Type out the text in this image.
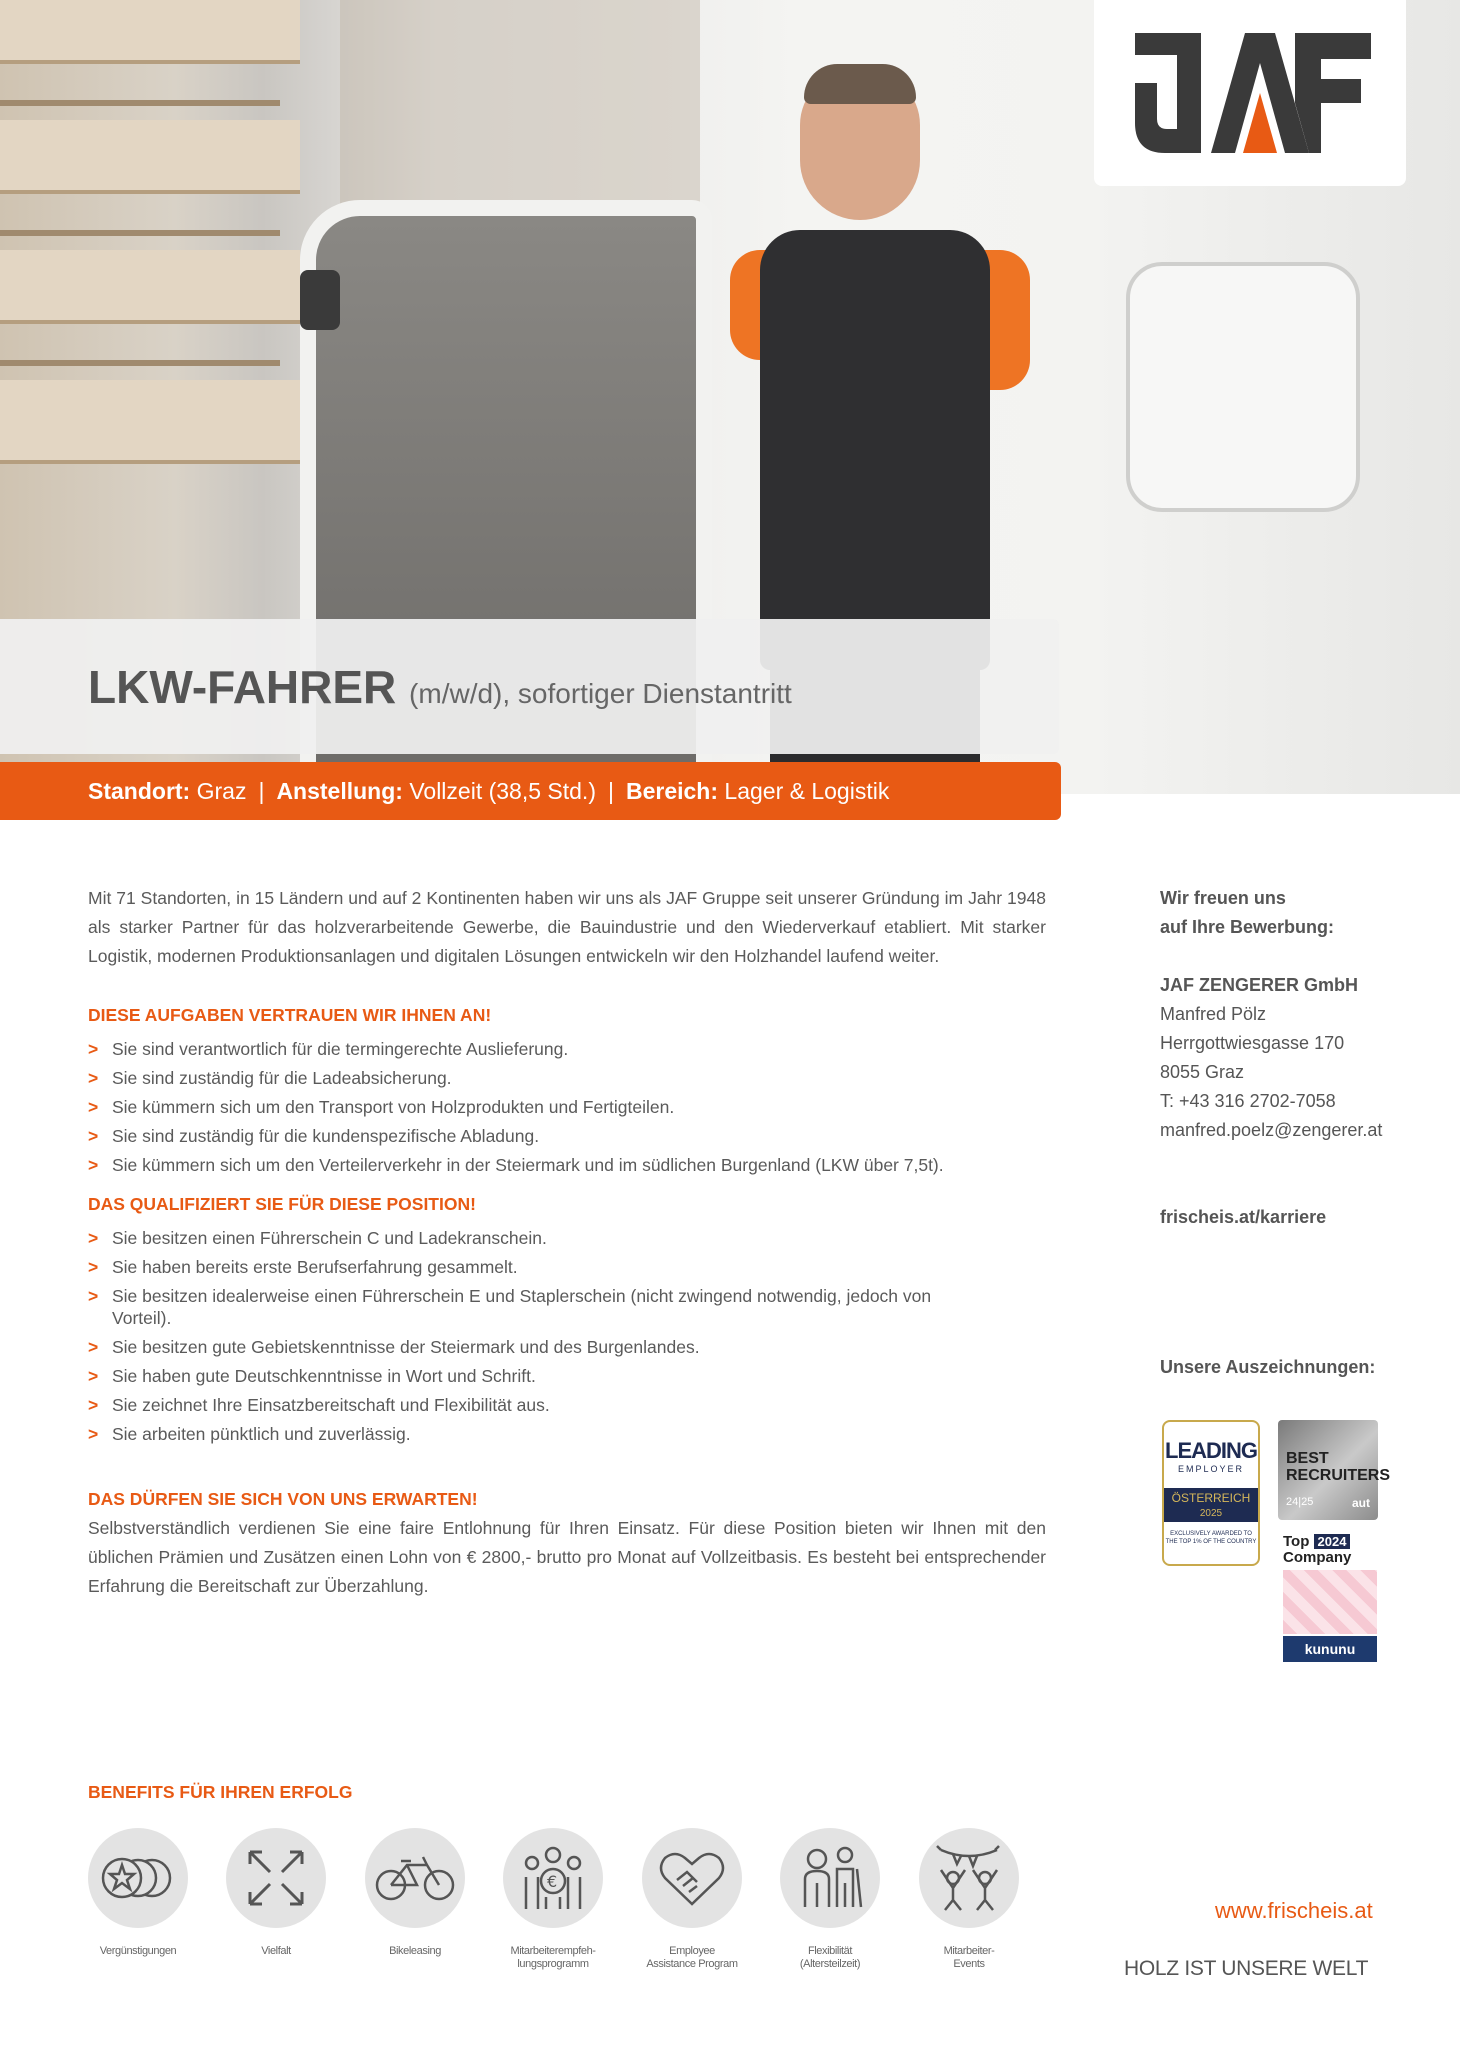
LKW-FAHRER (m/w/d), sofortiger Dienstantritt
Standort:
Graz | Anstellung:
Vollzeit (38,5 Std.) | Bereich:
Lager & Logistik

Mit 71 Standorten, in 15 Ländern und auf 2 Kontinenten haben wir uns als JAF Gruppe seit unserer Gründung im Jahr 1948 als starker Partner für das holzverarbeitende Gewerbe, die Bauindustrie und den Wiederverkauf etabliert. Mit starker Logistik, modernen Produktionsanlagen und digitalen Lösungen entwickeln wir den Holzhandel laufend weiter.

DIESE AUFGABEN VERTRAUEN WIR IHNEN AN!
> Sie sind verantwortlich für die termingerechte Auslieferung.
> Sie sind zuständig für die Ladeabsicherung.
> Sie kümmern sich um den Transport von Holzprodukten und Fertigteilen.
> Sie sind zuständig für die kundenspezifische Abladung.
> Sie kümmern sich um den Verteilerverkehr in der Steiermark und im südlichen Burgenland (LKW über 7,5t).
DAS QUALIFIZIERT SIE FÜR DIESE POSITION!
> Sie besitzen einen Führerschein C und Ladekranschein.
> Sie haben bereits erste Berufserfahrung gesammelt.
> Sie besitzen idealerweise einen Führerschein E und Staplerschein (nicht zwingend notwendig, jedoch von Vorteil).
> Sie besitzen gute Gebietskenntnisse der Steiermark und des Burgenlandes.
> Sie haben gute Deutschkenntnisse in Wort und Schrift.
> Sie zeichnet Ihre Einsatzbereitschaft und Flexibilität aus.
> Sie arbeiten pünktlich und zuverlässig.
DAS DÜRFEN SIE SICH VON UNS ERWARTEN!

Selbstverständlich verdienen Sie eine faire Entlohnung für Ihren Einsatz. Für diese Position bieten wir Ihnen mit den üblichen Prämien und Zusätzen einen Lohn von € 2800,- brutto pro Monat auf Vollzeitbasis. Es besteht bei entsprechender Erfahrung die Bereitschaft zur Überzahlung.

Wir freuen uns

auf Ihre Bewerbung:

JAF ZENGERER GmbH

Manfred Pölz

Herrgottwiesgasse 170

8055 Graz

T: +43 316 2702-7058

manfred.poelz@zengerer.at

frischeis.at/karriere

Unsere Auszeichnungen:
LEADING
EMPLOYER
ÖSTERREICH
2025
EXCLUSIVELY AWARDED TO THE TOP 1% OF THE COUNTRY
BEST
RECRUITERS
24|25	aut
Top 2024
Company
kununu
BENEFITS FÜR IHREN ERFOLG
Vergünstigungen	Vielfalt	Bikeleasing
€
Mitarbeiterempfeh-
lungsprogramm
Employee
Assistance Program
Flexibilität
(Altersteilzeit)
Mitarbeiter-
Events
www.frischeis.at
HOLZ IST UNSERE WELT
